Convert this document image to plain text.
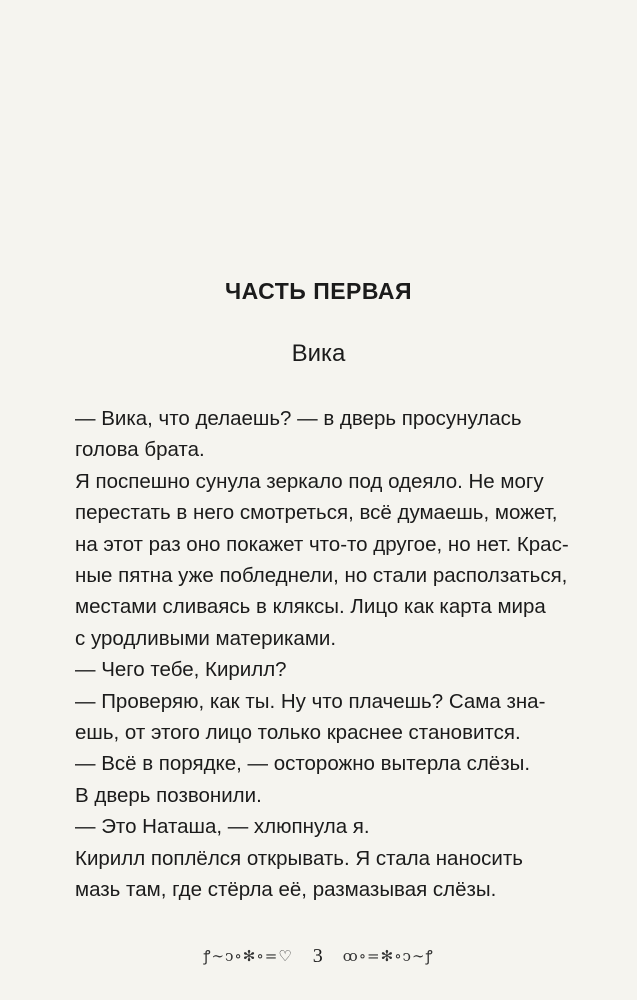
ЧАСТЬ ПЕРВАЯ
Вика
— Вика, что делаешь? — в дверь просунулась
голова брата.
Я поспешно сунула зеркало под одеяло. Не могу
перестать в него смотреться, всё думаешь, может,
на этот раз оно покажет что-то другое, но нет. Крас-
ные пятна уже побледнели, но стали расползаться,
местами сливаясь в кляксы. Лицо как карта мира
с уродливыми материками.
— Чего тебе, Кирилл?
— Проверяю, как ты. Ну что плачешь? Сама зна-
ешь, от этого лицо только краснее становится.
— Всё в порядке, — осторожно вытерла слёзы.
В дверь позвонили.
— Это Наташа, — хлюпнула я.
Кирилл поплёлся открывать. Я стала наносить
мазь там, где стёрла её, размазывая слёзы.
ꝭ∼ↄ∘✻∘=♡ 3 ꝏ∘=✻∘ↄ∼ꝭ
